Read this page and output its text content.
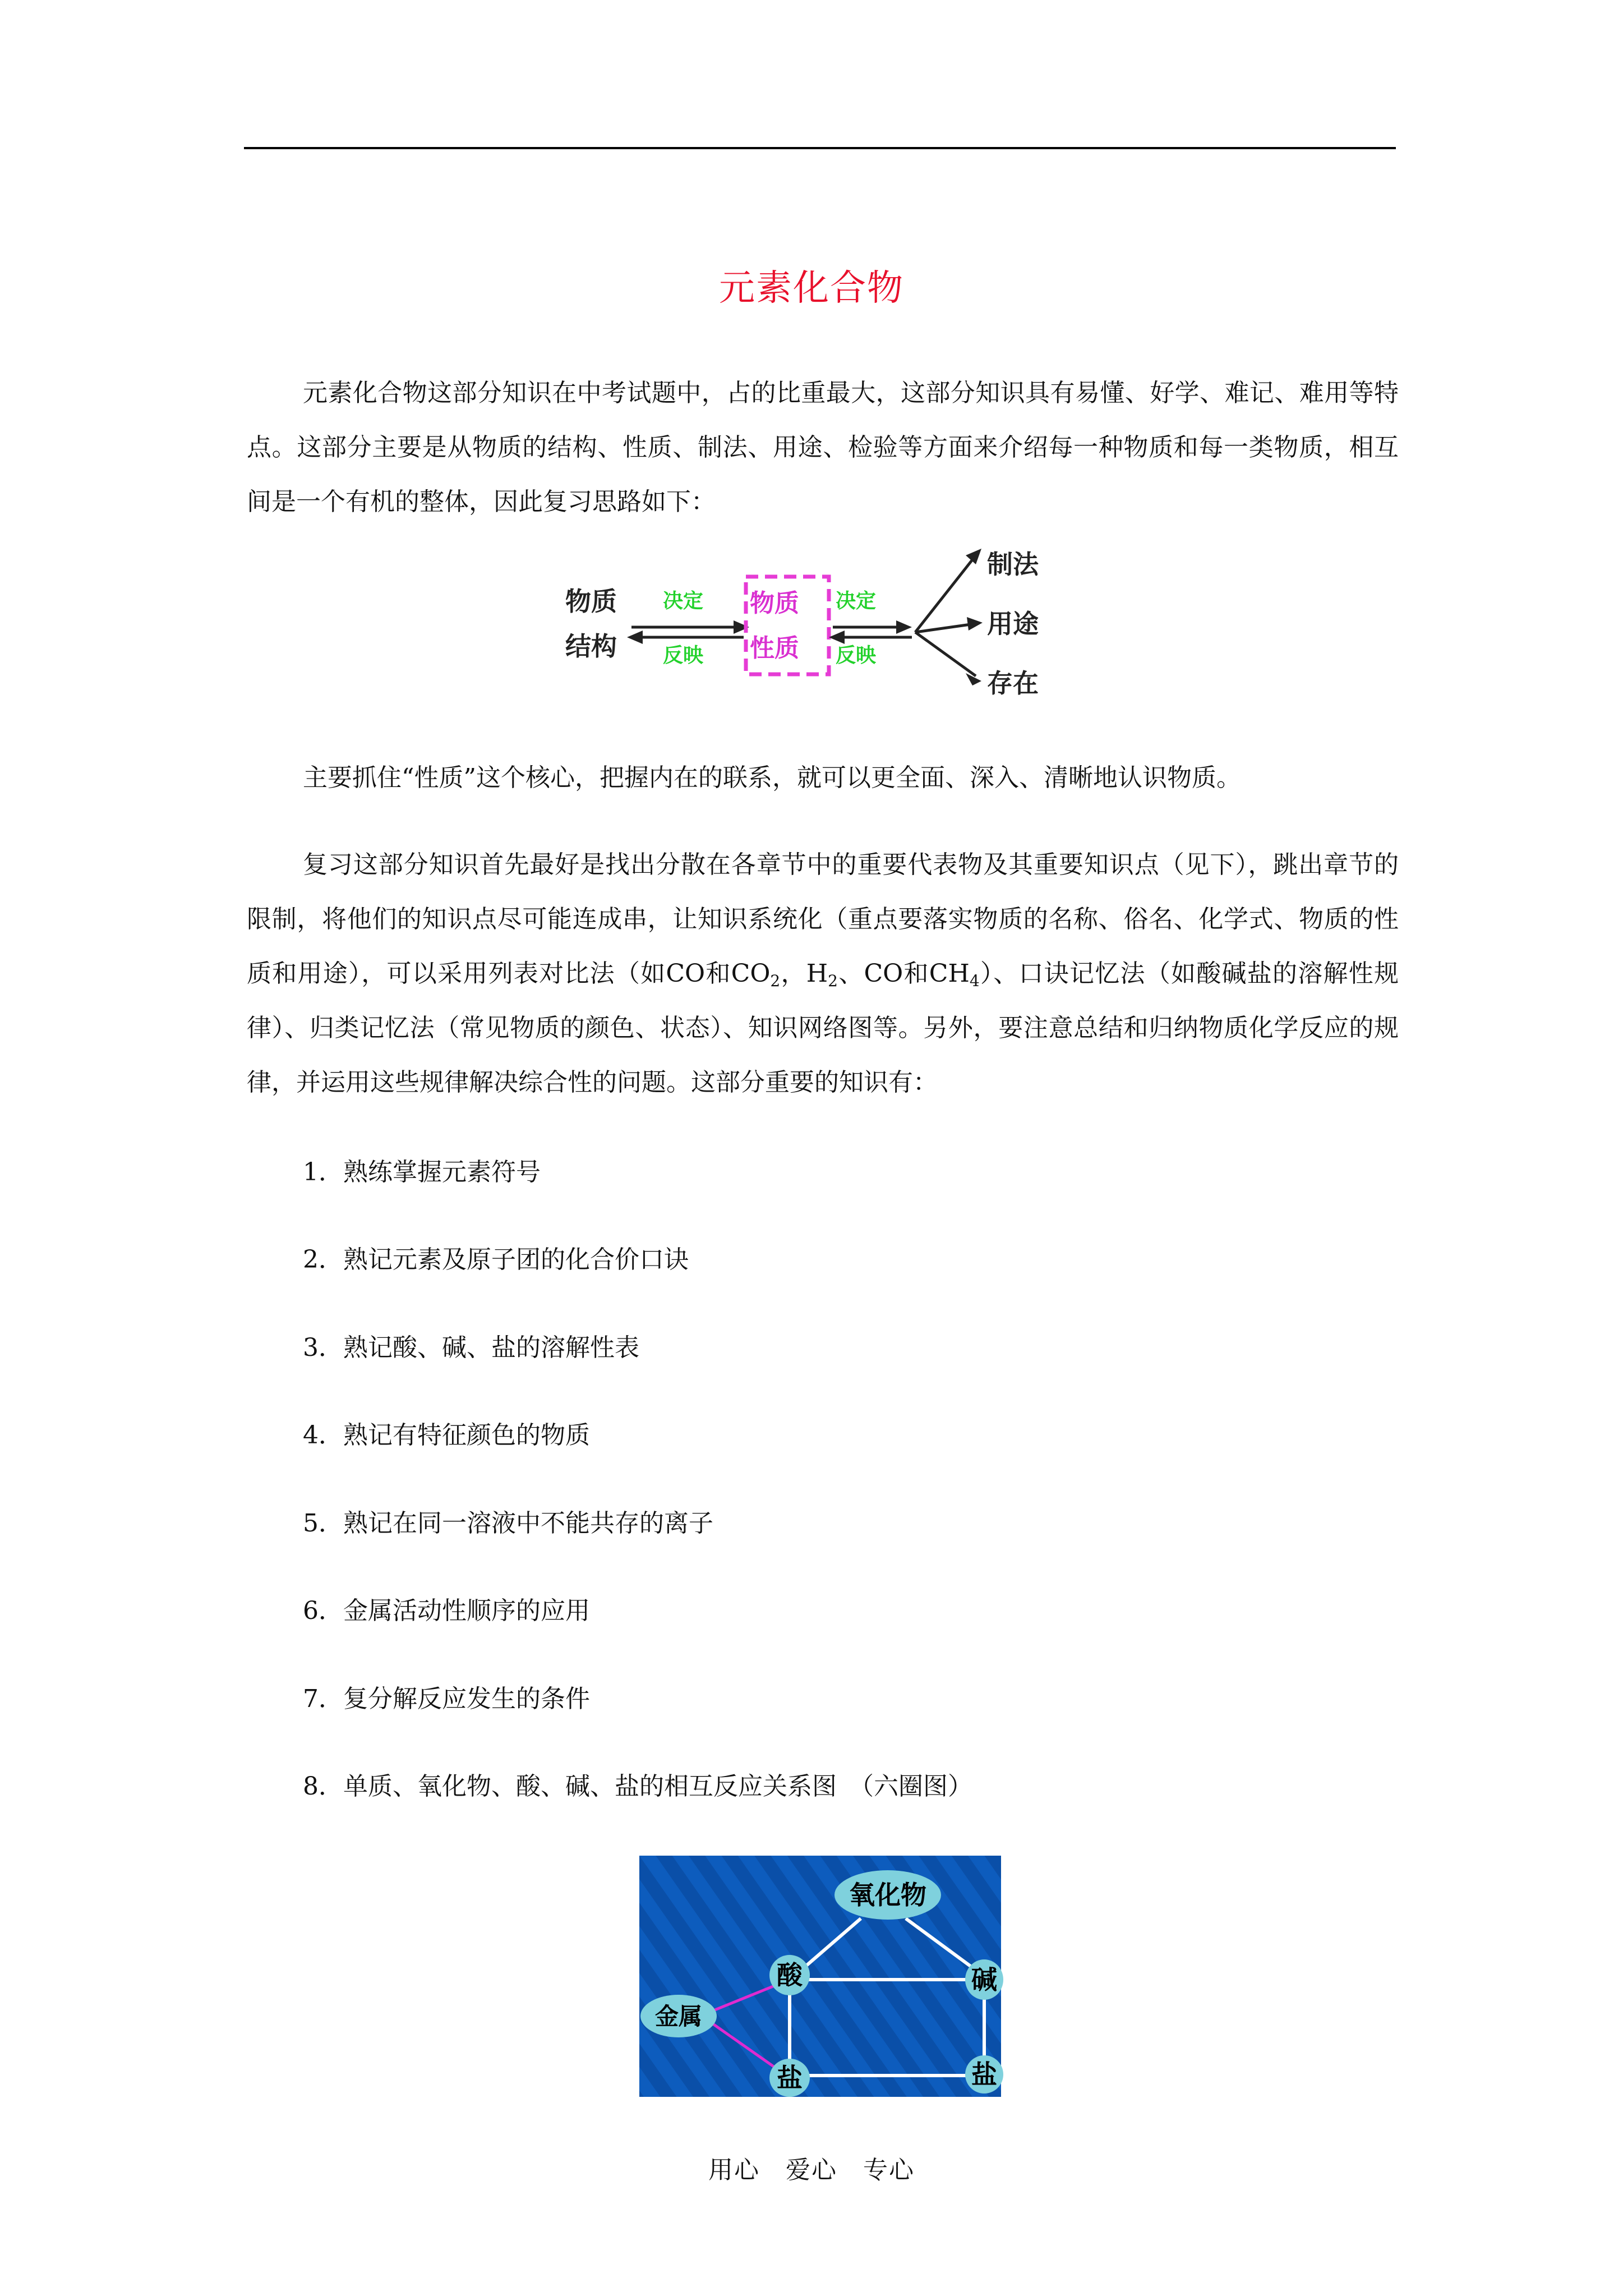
元素化合物

元素化合物这部分知识在中考试题中，占的比重最大，这部分知识具有易懂、好学、难记、难用等特点。这部分主要是从物质的结构、性质、制法、用途、检验等方面来介绍每一种物质和每一类物质，相互间是一个有机的整体，因此复习思路如下：

物质
结构
决定
反映
物质
性质
决定
反映
制法
用途
存在

主要抓住“性质”这个核心，把握内在的联系，就可以更全面、深入、清晰地认识物质。

复习这部分知识首先最好是找出分散在各章节中的重要代表物及其重要知识点（见下），跳出章节的限制，将他们的知识点尽可能连成串，让知识系统化（重点要落实物质的名称、俗名、化学式、物质的性质和用途），可以采用列表对比法（如CO和$CO_2$，$H_2$、CO和$CH_4$）、口诀记忆法（如酸碱盐的溶解性规律）、归类记忆法（常见物质的颜色、状态）、知识网络图等。另外，要注意总结和归纳物质化学反应的规律，并运用这些规律解决综合性的问题。这部分重要的知识有：

1．熟练掌握元素符号
2．熟记元素及原子团的化合价口诀
3．熟记酸、碱、盐的溶解性表
4．熟记有特征颜色的物质
5．熟记在同一溶液中不能共存的离子
6．金属活动性顺序的应用
7．复分解反应发生的条件
8．单质、氧化物、酸、碱、盐的相互反应关系图　（六圈图）
氧化物
酸	碱
金属
盐	盐
用心　爱心　专心
